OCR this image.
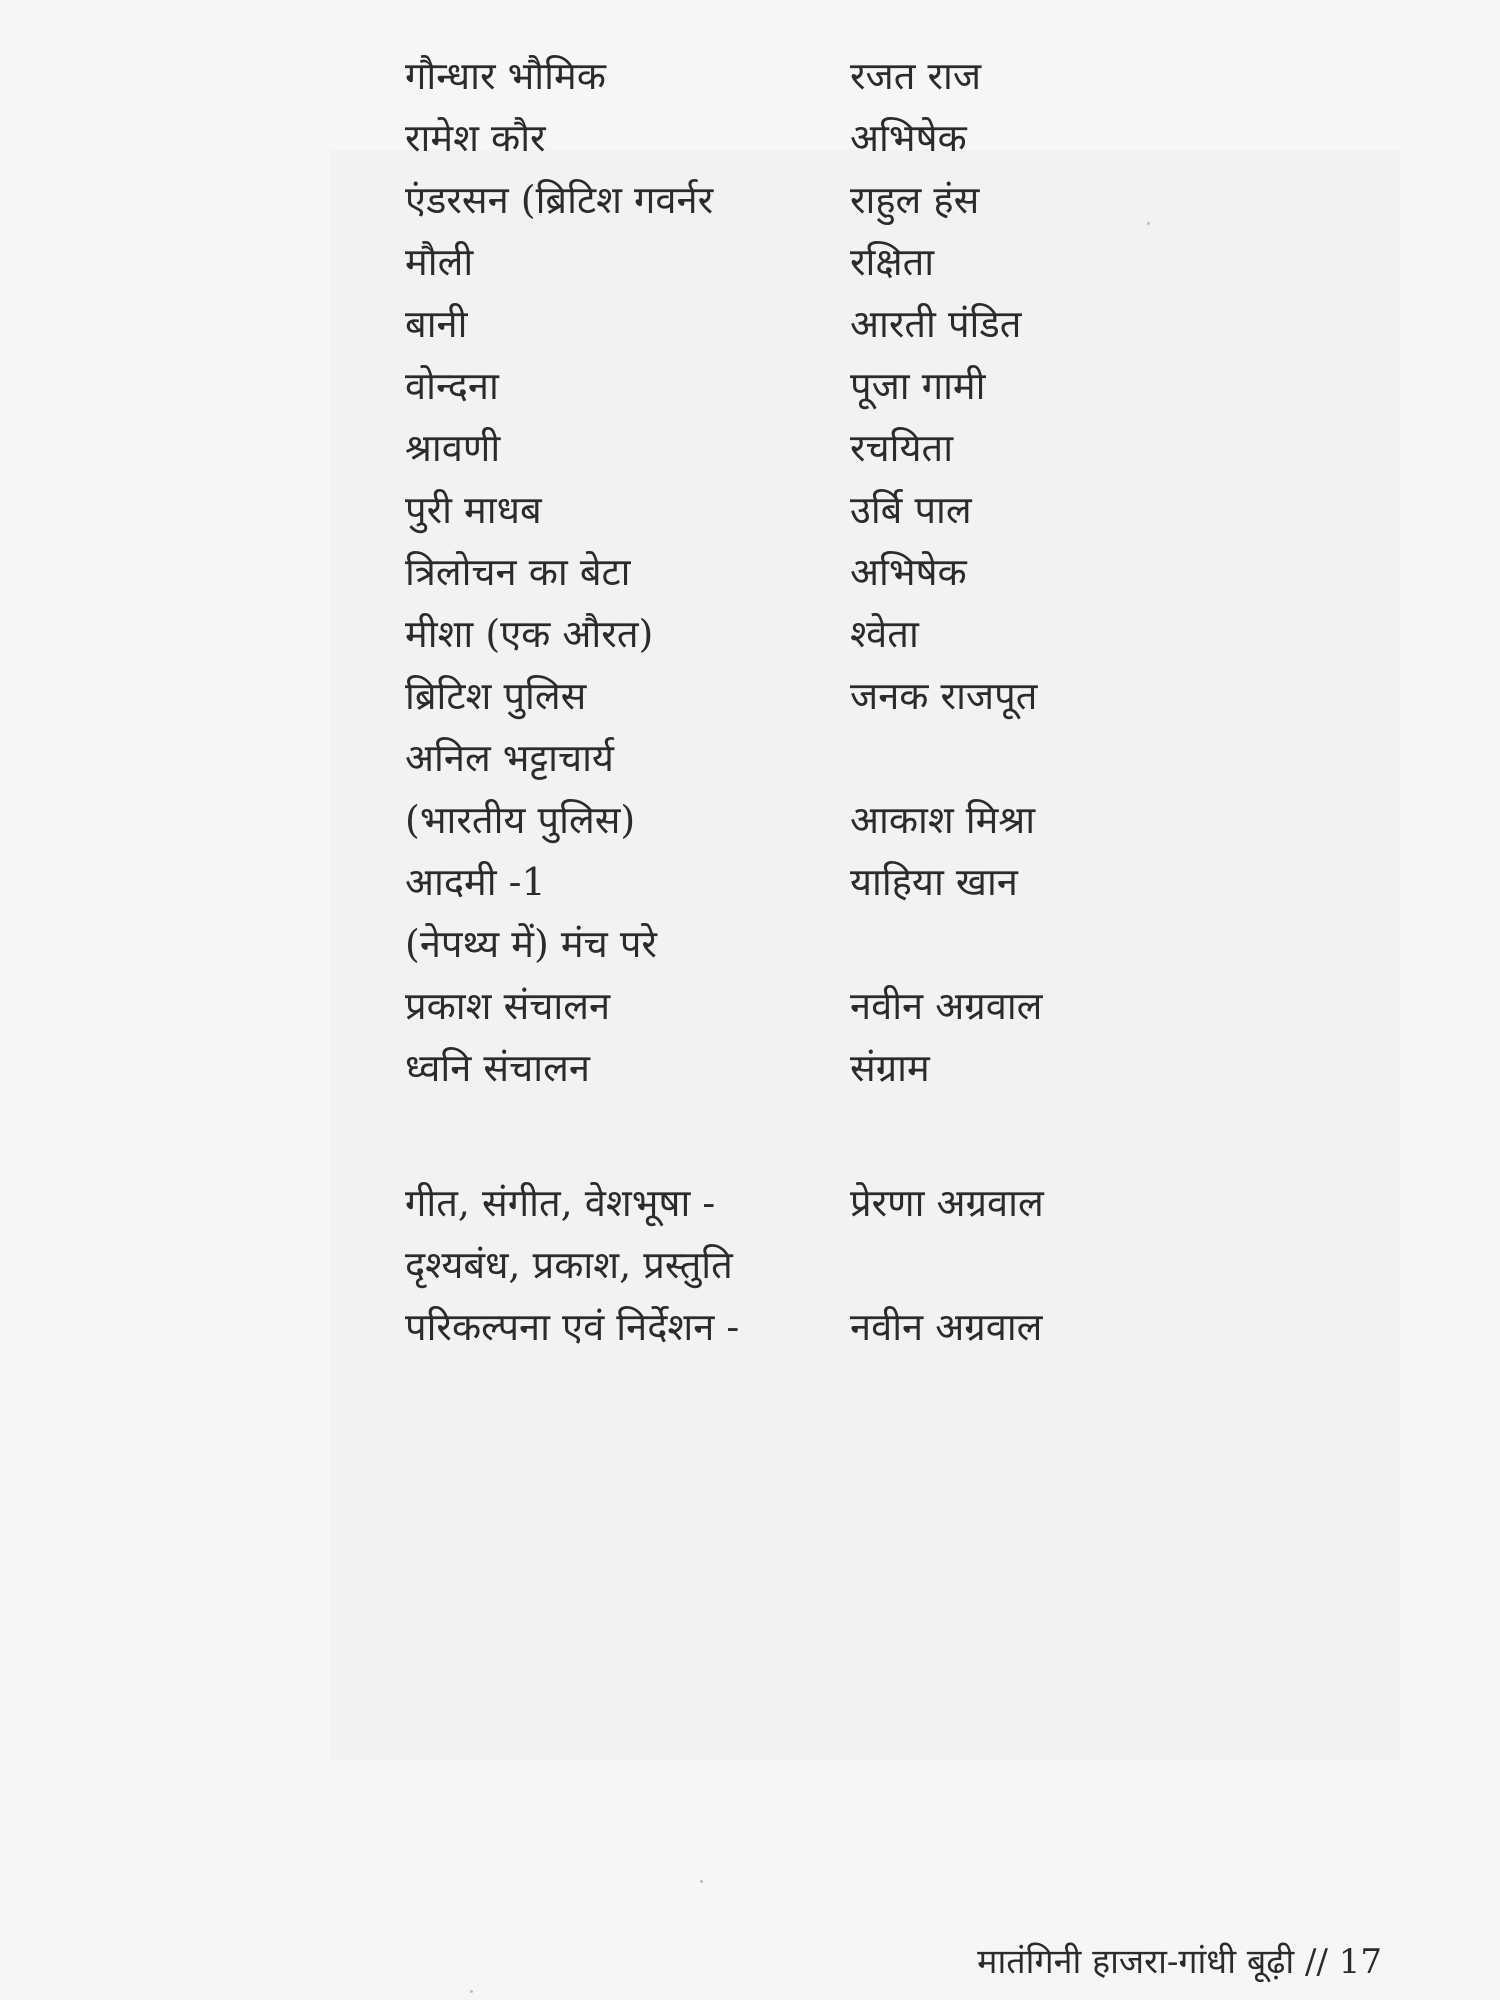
गौन्धार भौमिक	रजत राज
रामेश कौर	अभिषेक
एंडरसन (ब्रिटिश गवर्नर	राहुल हंस
मौली	रक्षिता
बानी	आरती पंडित
वोन्दना	पूजा गामी
श्रावणी	रचयिता
पुरी माधब	उर्बि पाल
त्रिलोचन का बेटा	अभिषेक
मीशा (एक औरत)	श्वेता
ब्रिटिश पुलिस	जनक राजपूत
अनिल भट्टाचार्य
(भारतीय पुलिस)	आकाश मिश्रा
आदमी -1	याहिया खान
(नेपथ्य में) मंच परे
प्रकाश संचालन	नवीन अग्रवाल
ध्वनि संचालन	संग्राम
गीत, संगीत, वेशभूषा -	प्रेरणा अग्रवाल
दृश्यबंध, प्रकाश, प्रस्तुति
परिकल्पना एवं निर्देशन -	नवीन अग्रवाल
मातंगिनी हाजरा-गांधी बूढ़ी // 17
